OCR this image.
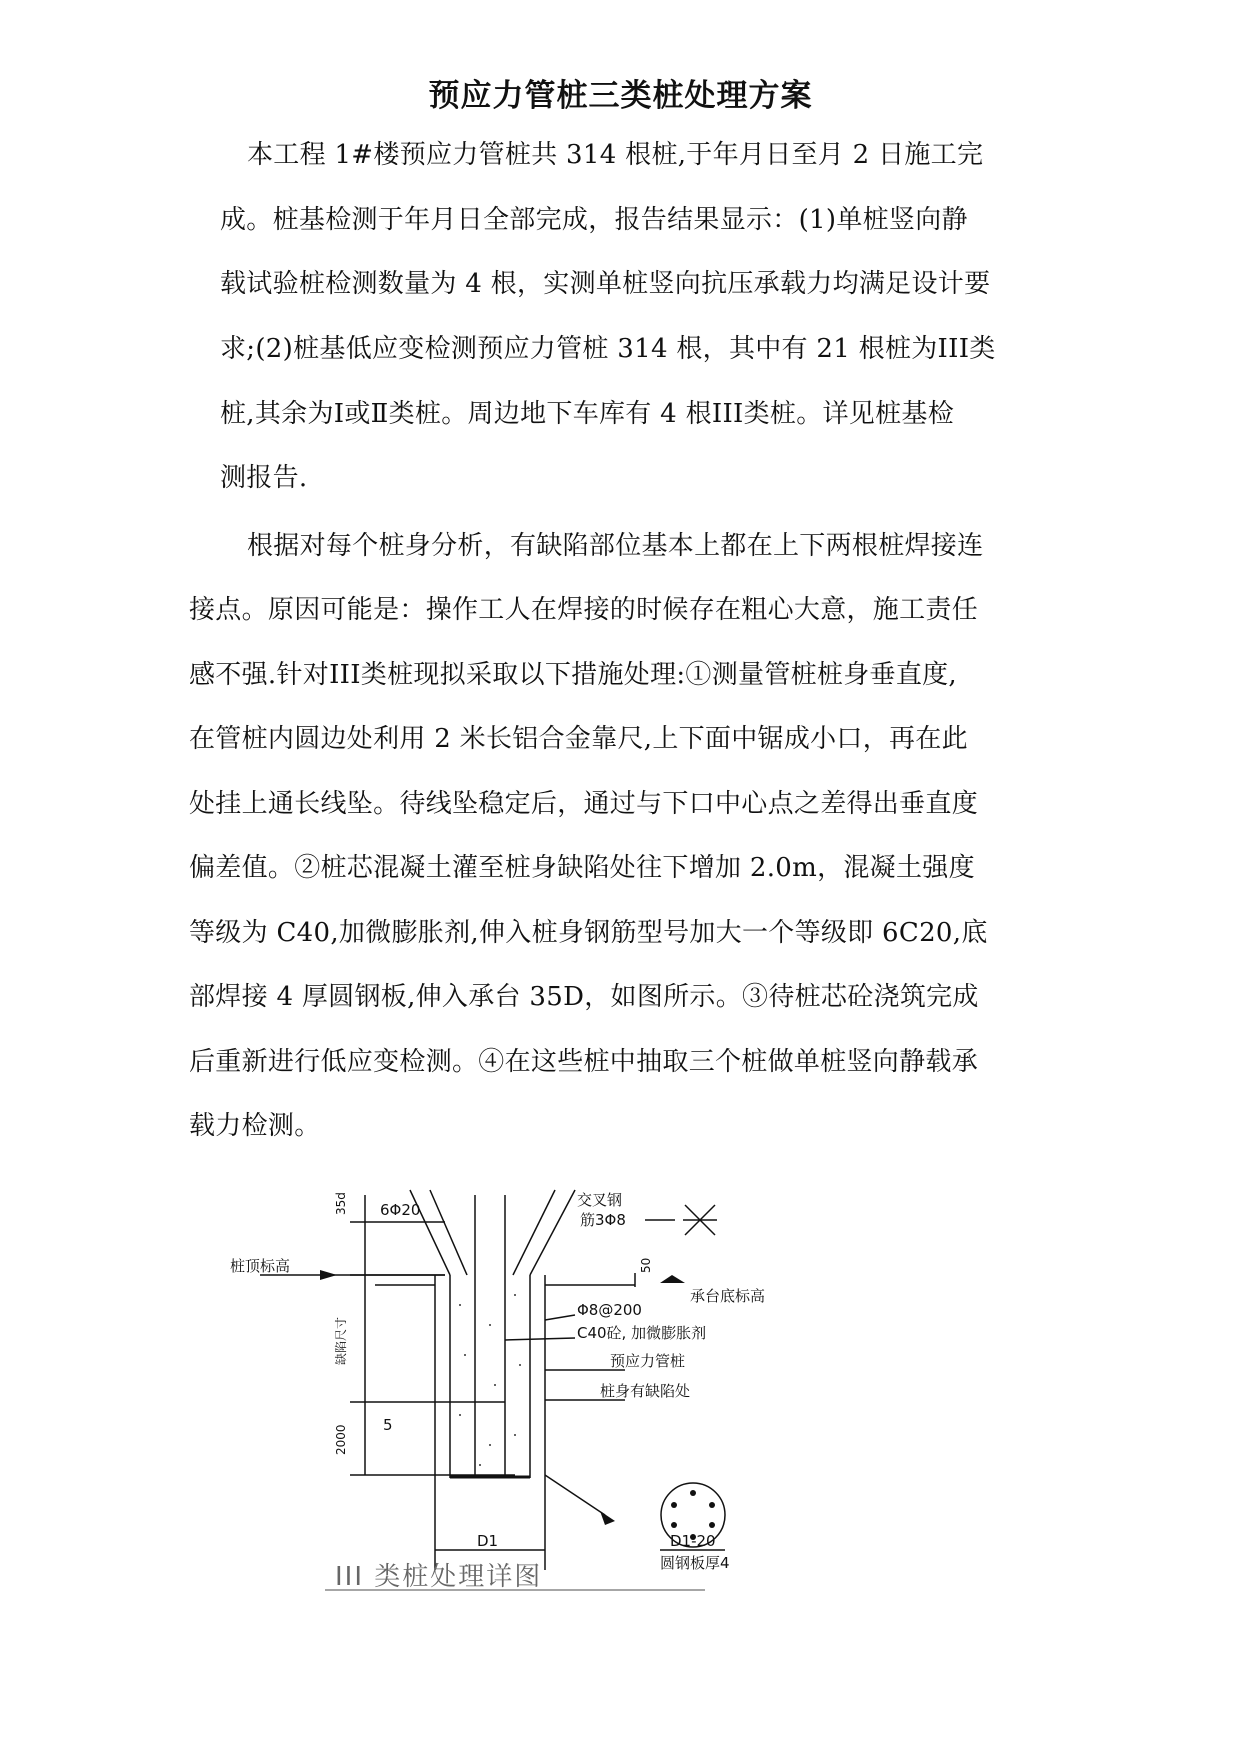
预应力管桩三类桩处理方案
本工程 1#楼预应力管桩共 314 根桩,于年月日至月 2 日施工完
成。桩基检测于年月日全部完成，报告结果显示：(1)单桩竖向静
载试验桩检测数量为 4 根，实测单桩竖向抗压承载力均满足设计要
求;(2)桩基低应变检测预应力管桩 314 根，其中有 21 根桩为III类
桩,其余为Ⅰ或Ⅱ类桩。周边地下车库有 4 根III类桩。详见桩基检
测报告.
根据对每个桩身分析，有缺陷部位基本上都在上下两根桩焊接连
接点。原因可能是：操作工人在焊接的时候存在粗心大意，施工责任
感不强.针对III类桩现拟采取以下措施处理:①测量管桩桩身垂直度,
在管桩内圆边处利用 2 米长铝合金靠尺,上下面中锯成小口，再在此
处挂上通长线坠。待线坠稳定后，通过与下口中心点之差得出垂直度
偏差值。②桩芯混凝土灌至桩身缺陷处往下增加 2.0m，混凝土强度
等级为 C40,加微膨胀剂,伸入桩身钢筋型号加大一个等级即 6C20,底
部焊接 4 厚圆钢板,伸入承台 35D，如图所示。③待桩芯砼浇筑完成
后重新进行低应变检测。④在这些桩中抽取三个桩做单桩竖向静载承
载力检测。
6Φ20
35d	交叉钢
筋3Φ8
桩顶标高	50
承台底标高
Φ8@200
C40砼, 加微膨胀剂
预应力管桩
桩身有缺陷处
缺陷尺寸
2000 5
D1	D1-20
圆钢板厚4
III 类桩处理详图
